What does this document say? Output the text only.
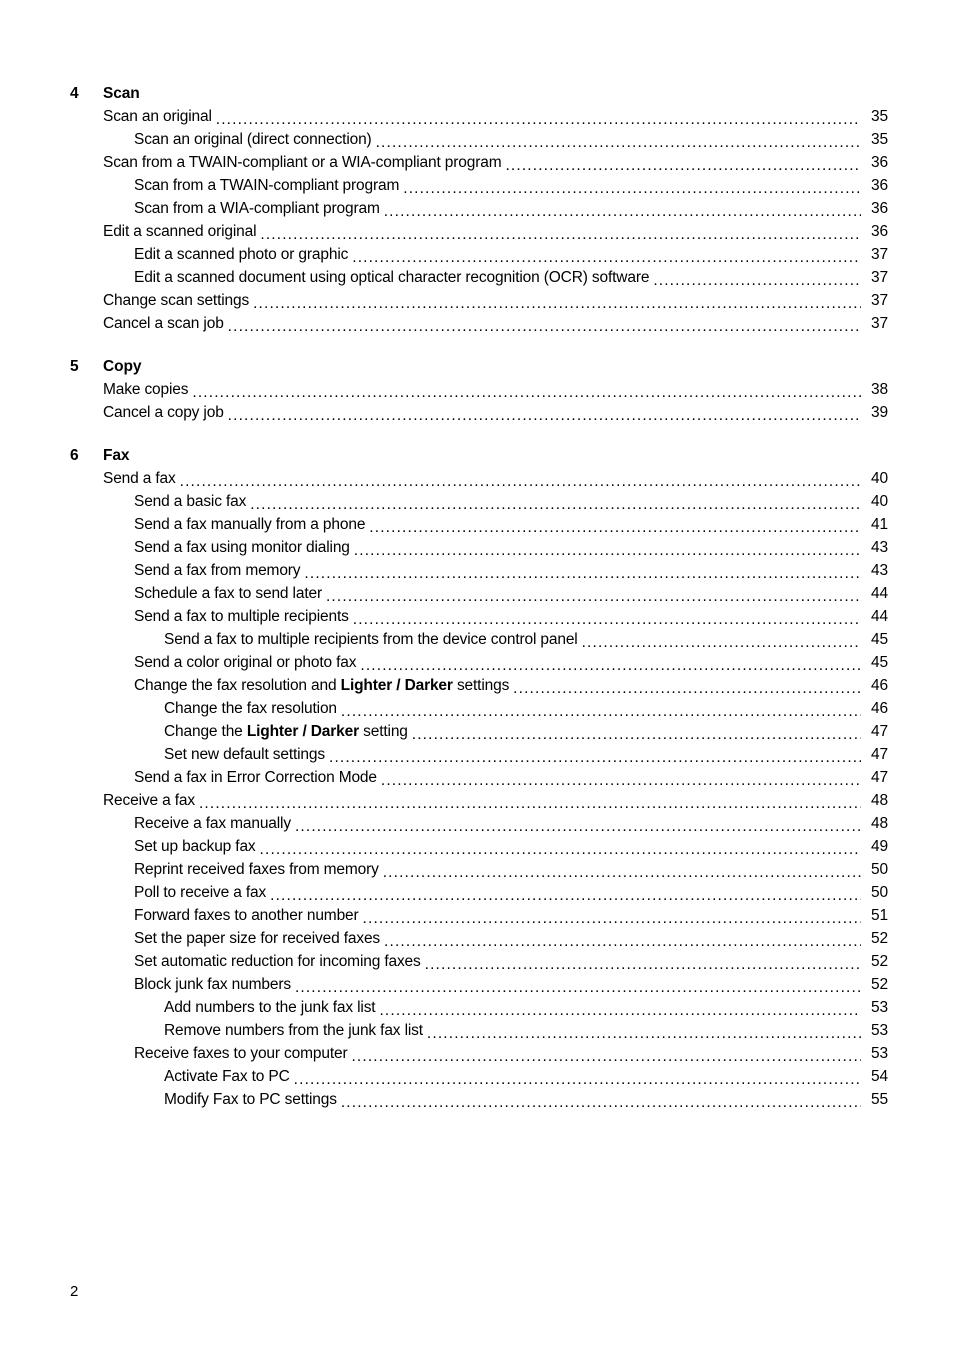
4	Scan
Scan an original .....	35
Scan an original (direct connection) .....	35
Scan from a TWAIN-compliant or a WIA-compliant program .....	36
Scan from a TWAIN-compliant program .....	36
Scan from a WIA-compliant program .....	36
Edit a scanned original .....	36
Edit a scanned photo or graphic .....	37
Edit a scanned document using optical character recognition (OCR) software .....	37
Change scan settings .....	37
Cancel a scan job .....	37
5	Copy
Make copies .....	38
Cancel a copy job .....	39
6	Fax
Send a fax .....	40
Send a basic fax .....	40
Send a fax manually from a phone .....	41
Send a fax using monitor dialing .....	43
Send a fax from memory .....	43
Schedule a fax to send later .....	44
Send a fax to multiple recipients .....	44
Send a fax to multiple recipients from the device control panel .....	45
Send a color original or photo fax .....	45
Change the fax resolution and Lighter / Darker settings .....	46
Change the fax resolution .....	46
Change the Lighter / Darker setting .....	47
Set new default settings .....	47
Send a fax in Error Correction Mode .....	47
Receive a fax .....	48
Receive a fax manually .....	48
Set up backup fax .....	49
Reprint received faxes from memory .....	50
Poll to receive a fax .....	50
Forward faxes to another number .....	51
Set the paper size for received faxes .....	52
Set automatic reduction for incoming faxes .....	52
Block junk fax numbers .....	52
Add numbers to the junk fax list .....	53
Remove numbers from the junk fax list .....	53
Receive faxes to your computer .....	53
Activate Fax to PC .....	54
Modify Fax to PC settings .....	55
2
